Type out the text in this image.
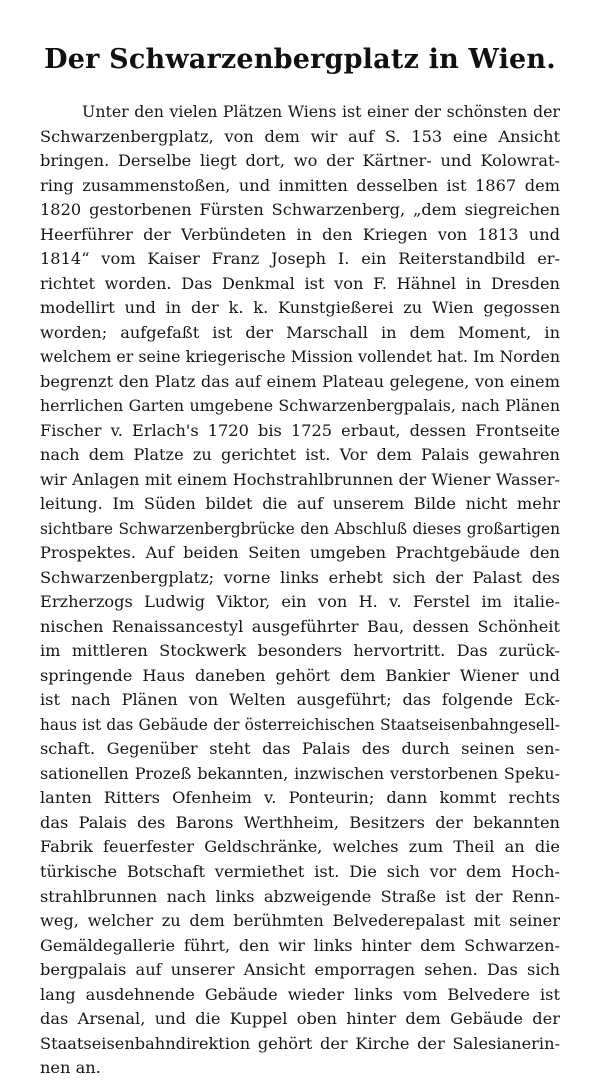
Der Schwarzenbergplatz in Wien.
Unter den vielen Plätzen Wiens ist einer der schönsten der
Schwarzenbergplatz, von dem wir auf S. 153 eine Ansicht
bringen. Derselbe liegt dort, wo der Kärtner- und Kolowrat-
ring zusammenstoßen, und inmitten desselben ist 1867 dem
1820 gestorbenen Fürsten Schwarzenberg, „dem siegreichen
Heerführer der Verbündeten in den Kriegen von 1813 und
1814“ vom Kaiser Franz Joseph I. ein Reiterstandbild er-
richtet worden. Das Denkmal ist von F. Hähnel in Dresden
modellirt und in der k. k. Kunstgießerei zu Wien gegossen
worden; aufgefaßt ist der Marschall in dem Moment, in
welchem er seine kriegerische Mission vollendet hat. Im Norden
begrenzt den Platz das auf einem Plateau gelegene, von einem
herrlichen Garten umgebene Schwarzenbergpalais, nach Plänen
Fischer v. Erlach's 1720 bis 1725 erbaut, dessen Frontseite
nach dem Platze zu gerichtet ist. Vor dem Palais gewahren
wir Anlagen mit einem Hochstrahlbrunnen der Wiener Wasser-
leitung. Im Süden bildet die auf unserem Bilde nicht mehr
sichtbare Schwarzenbergbrücke den Abschluß dieses großartigen
Prospektes. Auf beiden Seiten umgeben Prachtgebäude den
Schwarzenbergplatz; vorne links erhebt sich der Palast des
Erzherzogs Ludwig Viktor, ein von H. v. Ferstel im italie-
nischen Renaissancestyl ausgeführter Bau, dessen Schönheit
im mittleren Stockwerk besonders hervortritt. Das zurück-
springende Haus daneben gehört dem Bankier Wiener und
ist nach Plänen von Welten ausgeführt; das folgende Eck-
haus ist das Gebäude der österreichischen Staatseisenbahngesell-
schaft. Gegenüber steht das Palais des durch seinen sen-
sationellen Prozeß bekannten, inzwischen verstorbenen Speku-
lanten Ritters Ofenheim v. Ponteurin; dann kommt rechts
das Palais des Barons Werthheim, Besitzers der bekannten
Fabrik feuerfester Geldschränke, welches zum Theil an die
türkische Botschaft vermiethet ist. Die sich vor dem Hoch-
strahlbrunnen nach links abzweigende Straße ist der Renn-
weg, welcher zu dem berühmten Belvederepalast mit seiner
Gemäldegallerie führt, den wir links hinter dem Schwarzen-
bergpalais auf unserer Ansicht emporragen sehen. Das sich
lang ausdehnende Gebäude wieder links vom Belvedere ist
das Arsenal, und die Kuppel oben hinter dem Gebäude der
Staatseisenbahndirektion gehört der Kirche der Salesianerin-
nen an.
